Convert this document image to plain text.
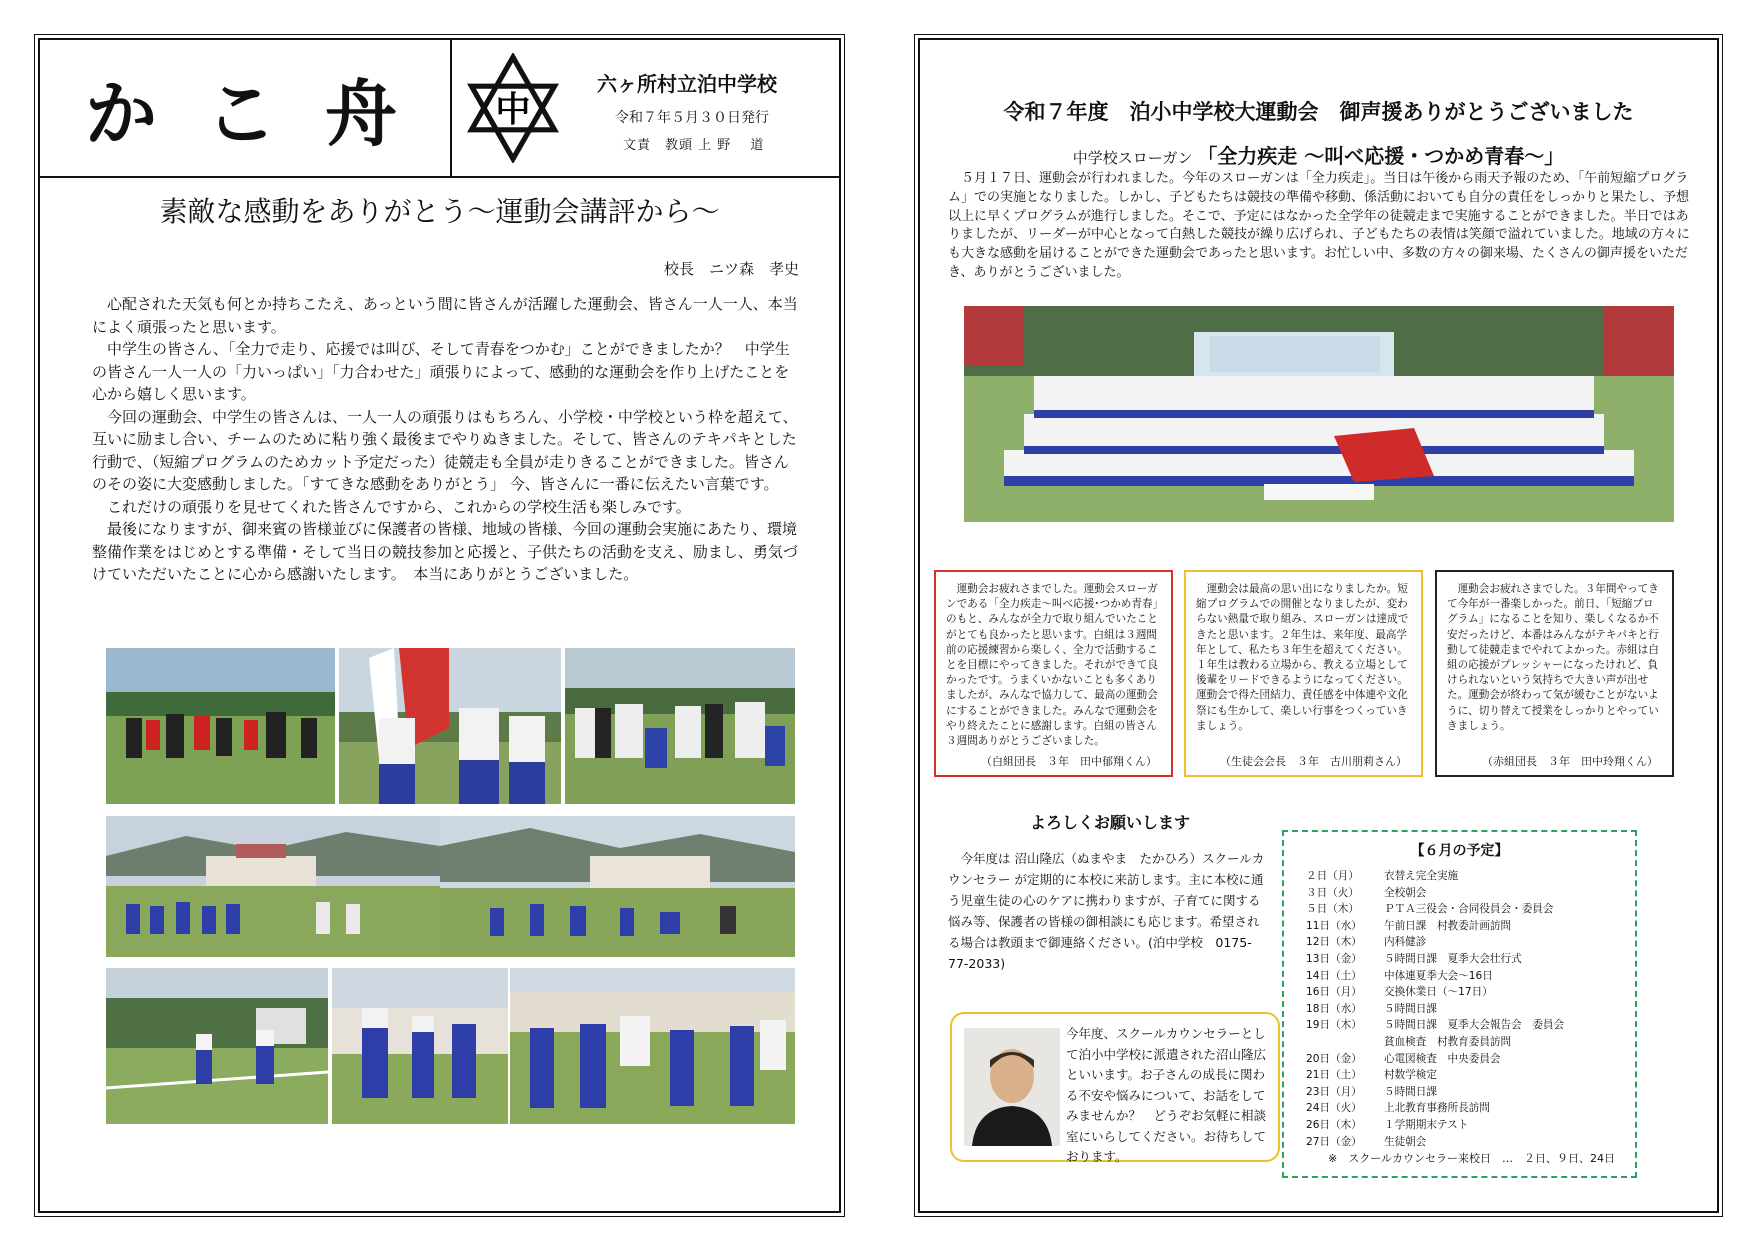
かこ舟 中
六ヶ所村立泊中学校
令和７年５月３０日発行
文責　教頭 上 野　 道
素敵な感動をありがとう～運動会講評から～
校長　ニツ森　孝史

心配された天気も何とか持ちこたえ、あっという間に皆さんが活躍した運動会、皆さん一人一人、本当によく頑張ったと思います。

中学生の皆さん、「全力で走り、応援では叫び、そして青春をつかむ」ことができましたか？　中学生の皆さん一人一人の「力いっぱい」「力合わせた」頑張りによって、感動的な運動会を作り上げたことを心から嬉しく思います。

今回の運動会、中学生の皆さんは、一人一人の頑張りはもちろん、小学校・中学校という枠を超えて、互いに励まし合い、チームのために粘り強く最後までやりぬきました。そして、皆さんのテキパキとした行動で、（短縮プログラムのためカット予定だった）徒競走も全員が走りきることができました。皆さんのその姿に大変感動しました。「すてきな感動をありがとう」 今、皆さんに一番に伝えたい言葉です。

これだけの頑張りを見せてくれた皆さんですから、これからの学校生活も楽しみです。

最後になりますが、御来賓の皆様並びに保護者の皆様、地域の皆様、今回の運動会実施にあたり、環境整備作業をはじめとする準備・そして当日の競技参加と応援と、子供たちの活動を支え、励まし、勇気づけていただいたことに心から感謝いたします。　本当にありがとうございました。

令和７年度　泊小中学校大運動会　御声援ありがとうございました
中学校スローガン 「全力疾走 ～叫べ応援・つかめ青春～」

５月１７日、運動会が行われました。今年のスローガンは「全力疾走」。当日は午後から雨天予報のため、「午前短縮プログラム」での実施となりました。しかし、子どもたちは競技の準備や移動、係活動においても自分の責任をしっかりと果たし、予想以上に早くプログラムが進行しました。そこで、予定にはなかった全学年の徒競走まで実施することができました。半日ではありましたが、リーダーが中心となって白熱した競技が繰り広げられ、子どもたちの表情は笑顔で溢れていました。地域の方々にも大きな感動を届けることができた運動会であったと思います。お忙しい中、多数の方々の御来場、たくさんの御声援をいただき、ありがとうございました。

運動会お疲れさまでした。運動会スローガンである「全力疾走～叫べ応援･つかめ青春」のもと、みんなが全力で取り組んでいたことがとても良かったと思います。白組は３週間前の応援練習から楽しく、全力で活動することを目標にやってきました。それができて良かったです。うまくいかないことも多くありましたが、みんなで協力して、最高の運動会にすることができました。みんなで運動会をやり終えたことに感謝します。白組の皆さん３週間ありがとうございました。
（白組団長　３年　田中郁翔くん）
運動会は最高の思い出になりましたか。短縮プログラムでの開催となりましたが、変わらない熱量で取り組み、スローガンは達成できたと思います。２年生は、来年度、最高学年として、私たち３年生を超えてください。１年生は教わる立場から、教える立場として後輩をリードできるようになってください。運動会で得た団結力、責任感を中体連や文化祭にも生かして、楽しい行事をつくっていきましょう。
（生徒会会長　３年　古川朋莉さん）
運動会お疲れさまでした。３年間やってきて今年が一番楽しかった。前日、「短縮プログラム」になることを知り、楽しくなるか不安だったけど、本番はみんながテキパキと行動して徒競走までやれてよかった。赤組は白組の応援がプレッシャーになったけれど、負けられないという気持ちで大きい声が出せた。運動会が終わって気が緩むことがないように、切り替えて授業をしっかりとやっていきましょう。
（赤組団長　３年　田中玲翔くん）
よろしくお願いします
今年度は 沼山隆広（ぬまやま　たかひろ）スクールカウンセラー が定期的に本校に来訪します。主に本校に通う児童生徒の心のケアに携わりますが、子育てに関する悩み等、保護者の皆様の御相談にも応じます。希望される場合は教頭まで御連絡ください。(泊中学校　0175-77-2033)
今年度、スクールカウンセラーとして泊小中学校に派遣された沼山隆広といいます。お子さんの成長に関わる不安や悩みについて、お話をしてみませんか？　どうぞお気軽に相談室にいらしてください。お待ちしております。
【６月の予定】
２日（月）	衣替え完全実施
３日（火）	全校朝会
５日（木）	ＰＴＡ三役会・合同役員会・委員会
11日（水）	午前日課　村教委計画訪問
12日（木）	内科健診
13日（金）	５時間日課　夏季大会壮行式
14日（土）	中体連夏季大会～16日
16日（月）	交換休業日（～17日）
18日（水）	５時間日課
19日（木）	５時間日課　夏季大会報告会　委員会
貧血検査　村教育委員訪問
20日（金）	心電図検査　中央委員会
21日（土）	村数学検定
23日（月）	５時間日課
24日（火）	上北教育事務所長訪問
26日（木）	１学期期末テスト
27日（金）	生徒朝会
※　スクールカウンセラー来校日　…　２日、９日、24日
